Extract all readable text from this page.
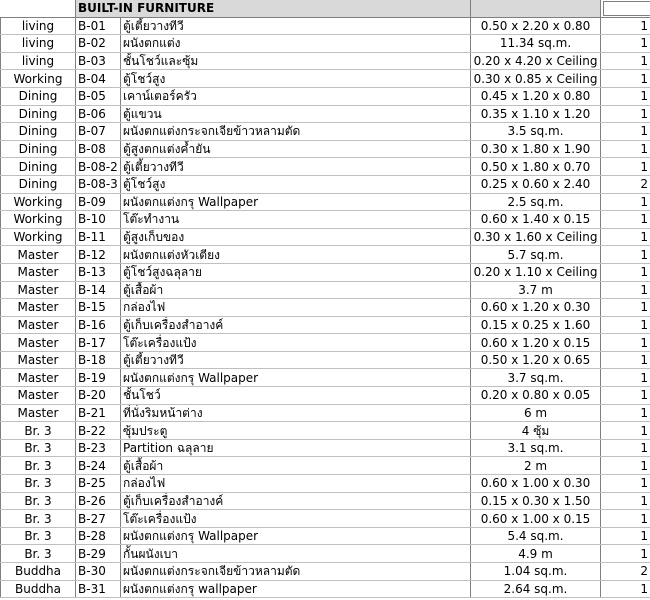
	BUILT-IN FURNITURE			

living	B-01	ตู้เตี้ยวางทีวี	0.50 x 2.20 x 0.80	1
living	B-02	ผนังตกแต่ง	11.34 sq.m.	1
living	B-03	ชั้นโชว์และซุ้ม	0.20 x 4.20 x Ceiling	1
Working	B-04	ตู้โชว์สูง	0.30 x 0.85 x Ceiling	1
Dining	B-05	เคาน์เตอร์ครัว	0.45 x 1.20 x 0.80	1
Dining	B-06	ตู้แขวน	0.35 x 1.10 x 1.20	1
Dining	B-07	ผนังตกแต่งกระจกเจียข้าวหลามตัด	3.5 sq.m.	1
Dining	B-08	ตู้สูงตกแต่งค้ำยัน	0.30 x 1.80 x 1.90	1
Dining	B-08-2	ตู้เตี้ยวางทีวี	0.50 x 1.80 x 0.70	1
Dining	B-08-3	ตู้โชว์สูง	0.25 x 0.60 x 2.40	2
Working	B-09	ผนังตกแต่งกรุ Wallpaper	2.5 sq.m.	1
Working	B-10	โต๊ะทำงาน	0.60 x 1.40 x 0.15	1
Working	B-11	ตู้สูงเก็บของ	0.30 x 1.60 x Ceiling	1
Master	B-12	ผนังตกแต่งหัวเตียง	5.7 sq.m.	1
Master	B-13	ตู้โชว์สูงฉลุลาย	0.20 x 1.10 x Ceiling	1
Master	B-14	ตู้เสื้อผ้า	3.7 m	1
Master	B-15	กล่องไฟ	0.60 x 1.20 x 0.30	1
Master	B-16	ตู้เก็บเครื่องสำอางค์	0.15 x 0.25 x 1.60	1
Master	B-17	โต๊ะเครื่องแป้ง	0.60 x 1.20 x 0.15	1
Master	B-18	ตู้เตี้ยวางทีวี	0.50 x 1.20 x 0.65	1
Master	B-19	ผนังตกแต่งกรุ Wallpaper	3.7 sq.m.	1
Master	B-20	ชั้นโชว์	0.20 x 0.80 x 0.05	1
Master	B-21	ที่นั่งริมหน้าต่าง	6 m	1
Br. 3	B-22	ซุ้มประตู	4 ซุ้ม	1
Br. 3	B-23	Partition ฉลุลาย	3.1 sq.m.	1
Br. 3	B-24	ตู้เสื้อผ้า	2 m	1
Br. 3	B-25	กล่องไฟ	0.60 x 1.00 x 0.30	1
Br. 3	B-26	ตู้เก็บเครื่องสำอางค์	0.15 x 0.30 x 1.50	1
Br. 3	B-27	โต๊ะเครื่องแป้ง	0.60 x 1.00 x 0.15	1
Br. 3	B-28	ผนังตกแต่งกรุ Wallpaper	5.4 sq.m.	1
Br. 3	B-29	กั้นผนังเบา	4.9 m	1
Buddha	B-30	ผนังตกแต่งกระจกเจียข้าวหลามตัด	1.04 sq.m.	2
Buddha	B-31	ผนังตกแต่งกรุ wallpaper	2.64 sq.m.	1
